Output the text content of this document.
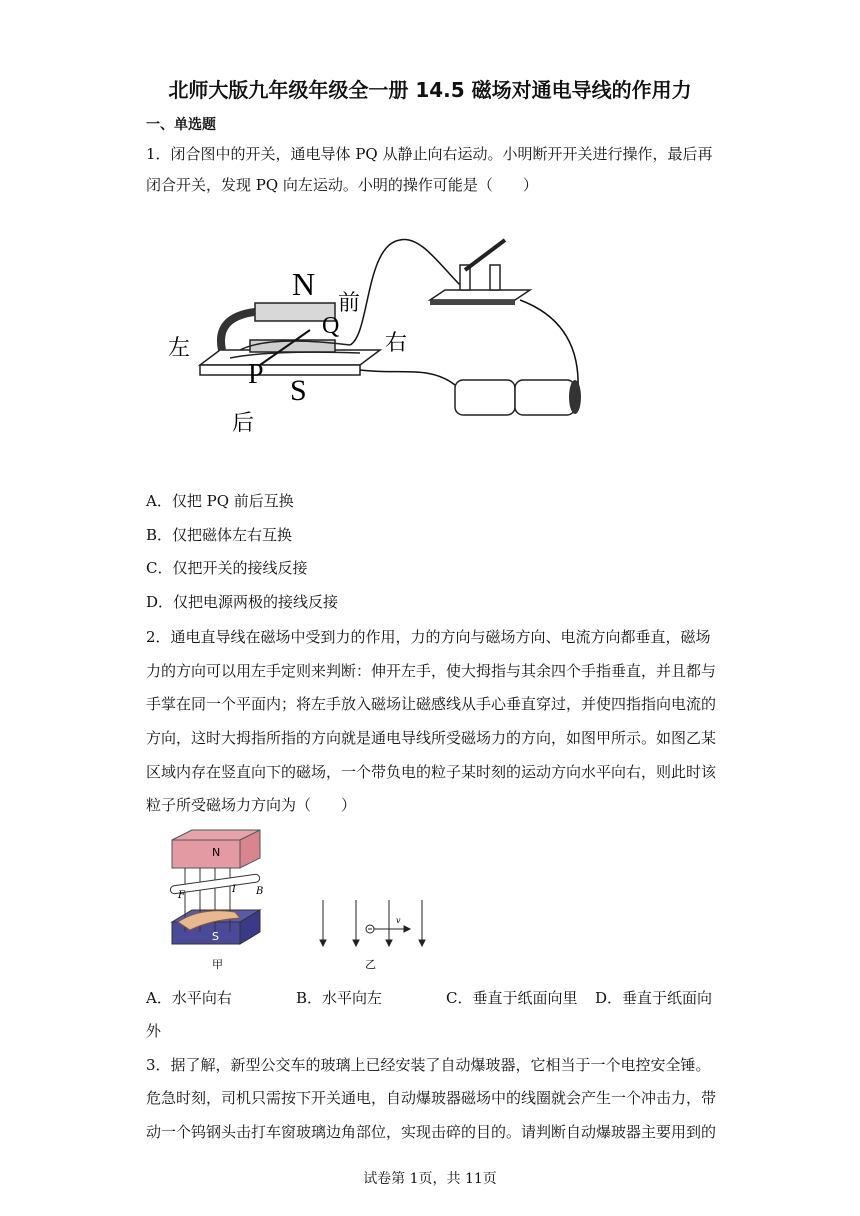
北师大版九年级年级全一册 14.5 磁场对通电导线的作用力
一、单选题
1．闭合图中的开关，通电导体 PQ 从静止向右运动。小明断开开关进行操作，最后再
闭合开关，发现 PQ 向左运动。小明的操作可能是（　　）
N
Q
前
左	右
P S
后
A．仅把 PQ 前后互换
B．仅把磁体左右互换
C．仅把开关的接线反接
D．仅把电源两极的接线反接
2．通电直导线在磁场中受到力的作用，力的方向与磁场方向、电流方向都垂直，磁场
力的方向可以用左手定则来判断：伸开左手，使大拇指与其余四个手指垂直，并且都与
手掌在同一个平面内；将左手放入磁场让磁感线从手心垂直穿过，并使四指指向电流的
方向，这时大拇指所指的方向就是通电导线所受磁场力的方向，如图甲所示。如图乙某
区域内存在竖直向下的磁场，一个带负电的粒子某时刻的运动方向水平向右，则此时该
粒子所受磁场力方向为（　　）
N
S
F
I B
甲
v
乙
A．水平向右	B．水平向左	C．垂直于纸面向里 D．垂直于纸面向
外
3．据了解，新型公交车的玻璃上已经安装了自动爆玻器，它相当于一个电控安全锤。
危急时刻，司机只需按下开关通电，自动爆玻器磁场中的线圈就会产生一个冲击力，带
动一个钨钢头击打车窗玻璃边角部位，实现击碎的目的。请判断自动爆玻器主要用到的
试卷第 1页，共 11页
